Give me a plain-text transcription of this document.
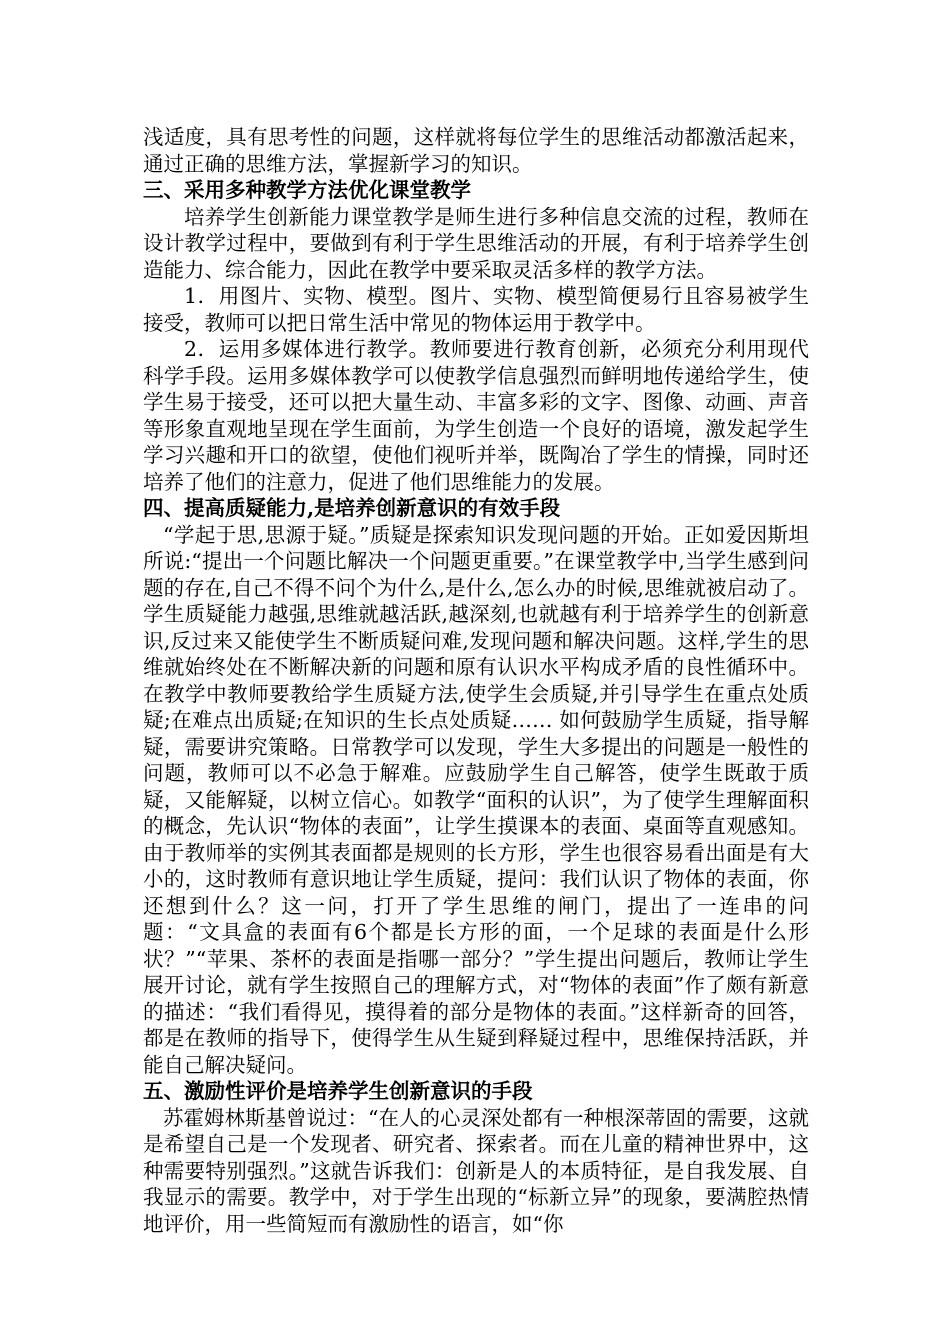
浅适度，具有思考性的问题，这样就将每位学生的思维活动都激活起来，通过正确的思维方法，掌握新学习的知识。

三、采用多种教学方法优化课堂教学

培养学生创新能力课堂教学是师生进行多种信息交流的过程，教师在设计教学过程中，要做到有利于学生思维活动的开展，有利于培养学生创造能力、综合能力，因此在教学中要采取灵活多样的教学方法。

1．用图片、实物、模型。图片、实物、模型简便易行且容易被学生接受，教师可以把日常生活中常见的物体运用于教学中。

2．运用多媒体进行教学。教师要进行教育创新，必须充分利用现代科学手段。运用多媒体教学可以使教学信息强烈而鲜明地传递给学生，使学生易于接受，还可以把大量生动、丰富多彩的文字、图像、动画、声音等形象直观地呈现在学生面前，为学生创造一个良好的语境，激发起学生学习兴趣和开口的欲望，使他们视听并举，既陶冶了学生的情操，同时还培养了他们的注意力，促进了他们思维能力的发展。

四、提高质疑能力,是培养创新意识的有效手段

“学起于思,思源于疑。”质疑是探索知识发现问题的开始。正如爱因斯坦所说:“提出一个问题比解决一个问题更重要。”在课堂教学中,当学生感到问题的存在,自己不得不问个为什么,是什么,怎么办的时候,思维就被启动了。学生质疑能力越强,思维就越活跃,越深刻,也就越有利于培养学生的创新意识,反过来又能使学生不断质疑问难,发现问题和解决问题。这样,学生的思维就始终处在不断解决新的问题和原有认识水平构成矛盾的良性循环中。在教学中教师要教给学生质疑方法,使学生会质疑,并引导学生在重点处质疑;在难点出质疑;在知识的生长点处质疑…… 如何鼓励学生质疑，指导解疑，需要讲究策略。日常教学可以发现，学生大多提出的问题是一般性的问题，教师可以不必急于解难。应鼓励学生自己解答，使学生既敢于质疑，又能解疑，以树立信心。如教学“面积的认识”，为了使学生理解面积的概念，先认识“物体的表面”，让学生摸课本的表面、桌面等直观感知。由于教师举的实例其表面都是规则的长方形，学生也很容易看出面是有大小的，这时教师有意识地让学生质疑，提问：我们认识了物体的表面，你还想到什么？这一问，打开了学生思维的闸门，提出了一连串的问题：“文具盒的表面有6个都是长方形的面，一个足球的表面是什么形状？”“苹果、茶杯的表面是指哪一部分？”学生提出问题后，教师让学生展开讨论，就有学生按照自己的理解方式，对“物体的表面”作了颇有新意的描述：“我们看得见，摸得着的部分是物体的表面。”这样新奇的回答，都是在教师的指导下，使得学生从生疑到释疑过程中，思维保持活跃，并能自己解决疑问。

五、激励性评价是培养学生创新意识的手段

苏霍姆林斯基曾说过：“在人的心灵深处都有一种根深蒂固的需要，这就是希望自己是一个发现者、研究者、探索者。而在儿童的精神世界中，这种需要特别强烈。”这就告诉我们：创新是人的本质特征，是自我发展、自我显示的需要。教学中，对于学生出现的“标新立异”的现象，要满腔热情地评价，用一些简短而有激励性的语言，如“你
